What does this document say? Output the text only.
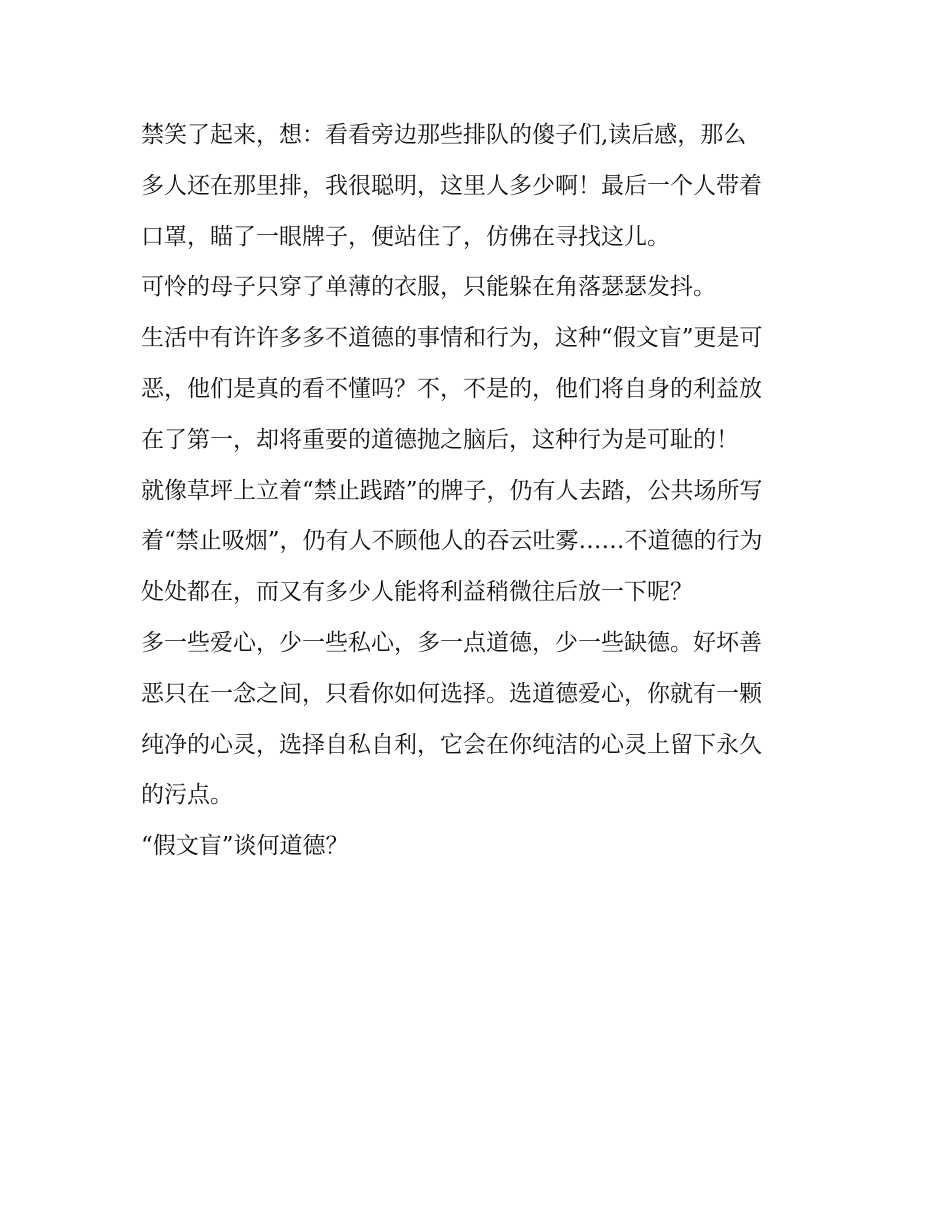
禁笑了起来，想：看看旁边那些排队的傻子们,读后感，那么
多人还在那里排，我很聪明，这里人多少啊！最后一个人带着
口罩，瞄了一眼牌子，便站住了，仿佛在寻找这儿。

可怜的母子只穿了单薄的衣服，只能躲在角落瑟瑟发抖。

生活中有许许多多不道德的事情和行为，这种“假文盲”更是可
恶，他们是真的看不懂吗？不，不是的，他们将自身的利益放
在了第一，却将重要的道德抛之脑后，这种行为是可耻的！

就像草坪上立着“禁止践踏”的牌子，仍有人去踏，公共场所写
着“禁止吸烟”，仍有人不顾他人的吞云吐雾……不道德的行为
处处都在，而又有多少人能将利益稍微往后放一下呢？

多一些爱心，少一些私心，多一点道德，少一些缺德。好坏善
恶只在一念之间，只看你如何选择。选道德爱心，你就有一颗
纯净的心灵，选择自私自利，它会在你纯洁的心灵上留下永久
的污点。

“假文盲”谈何道德？
